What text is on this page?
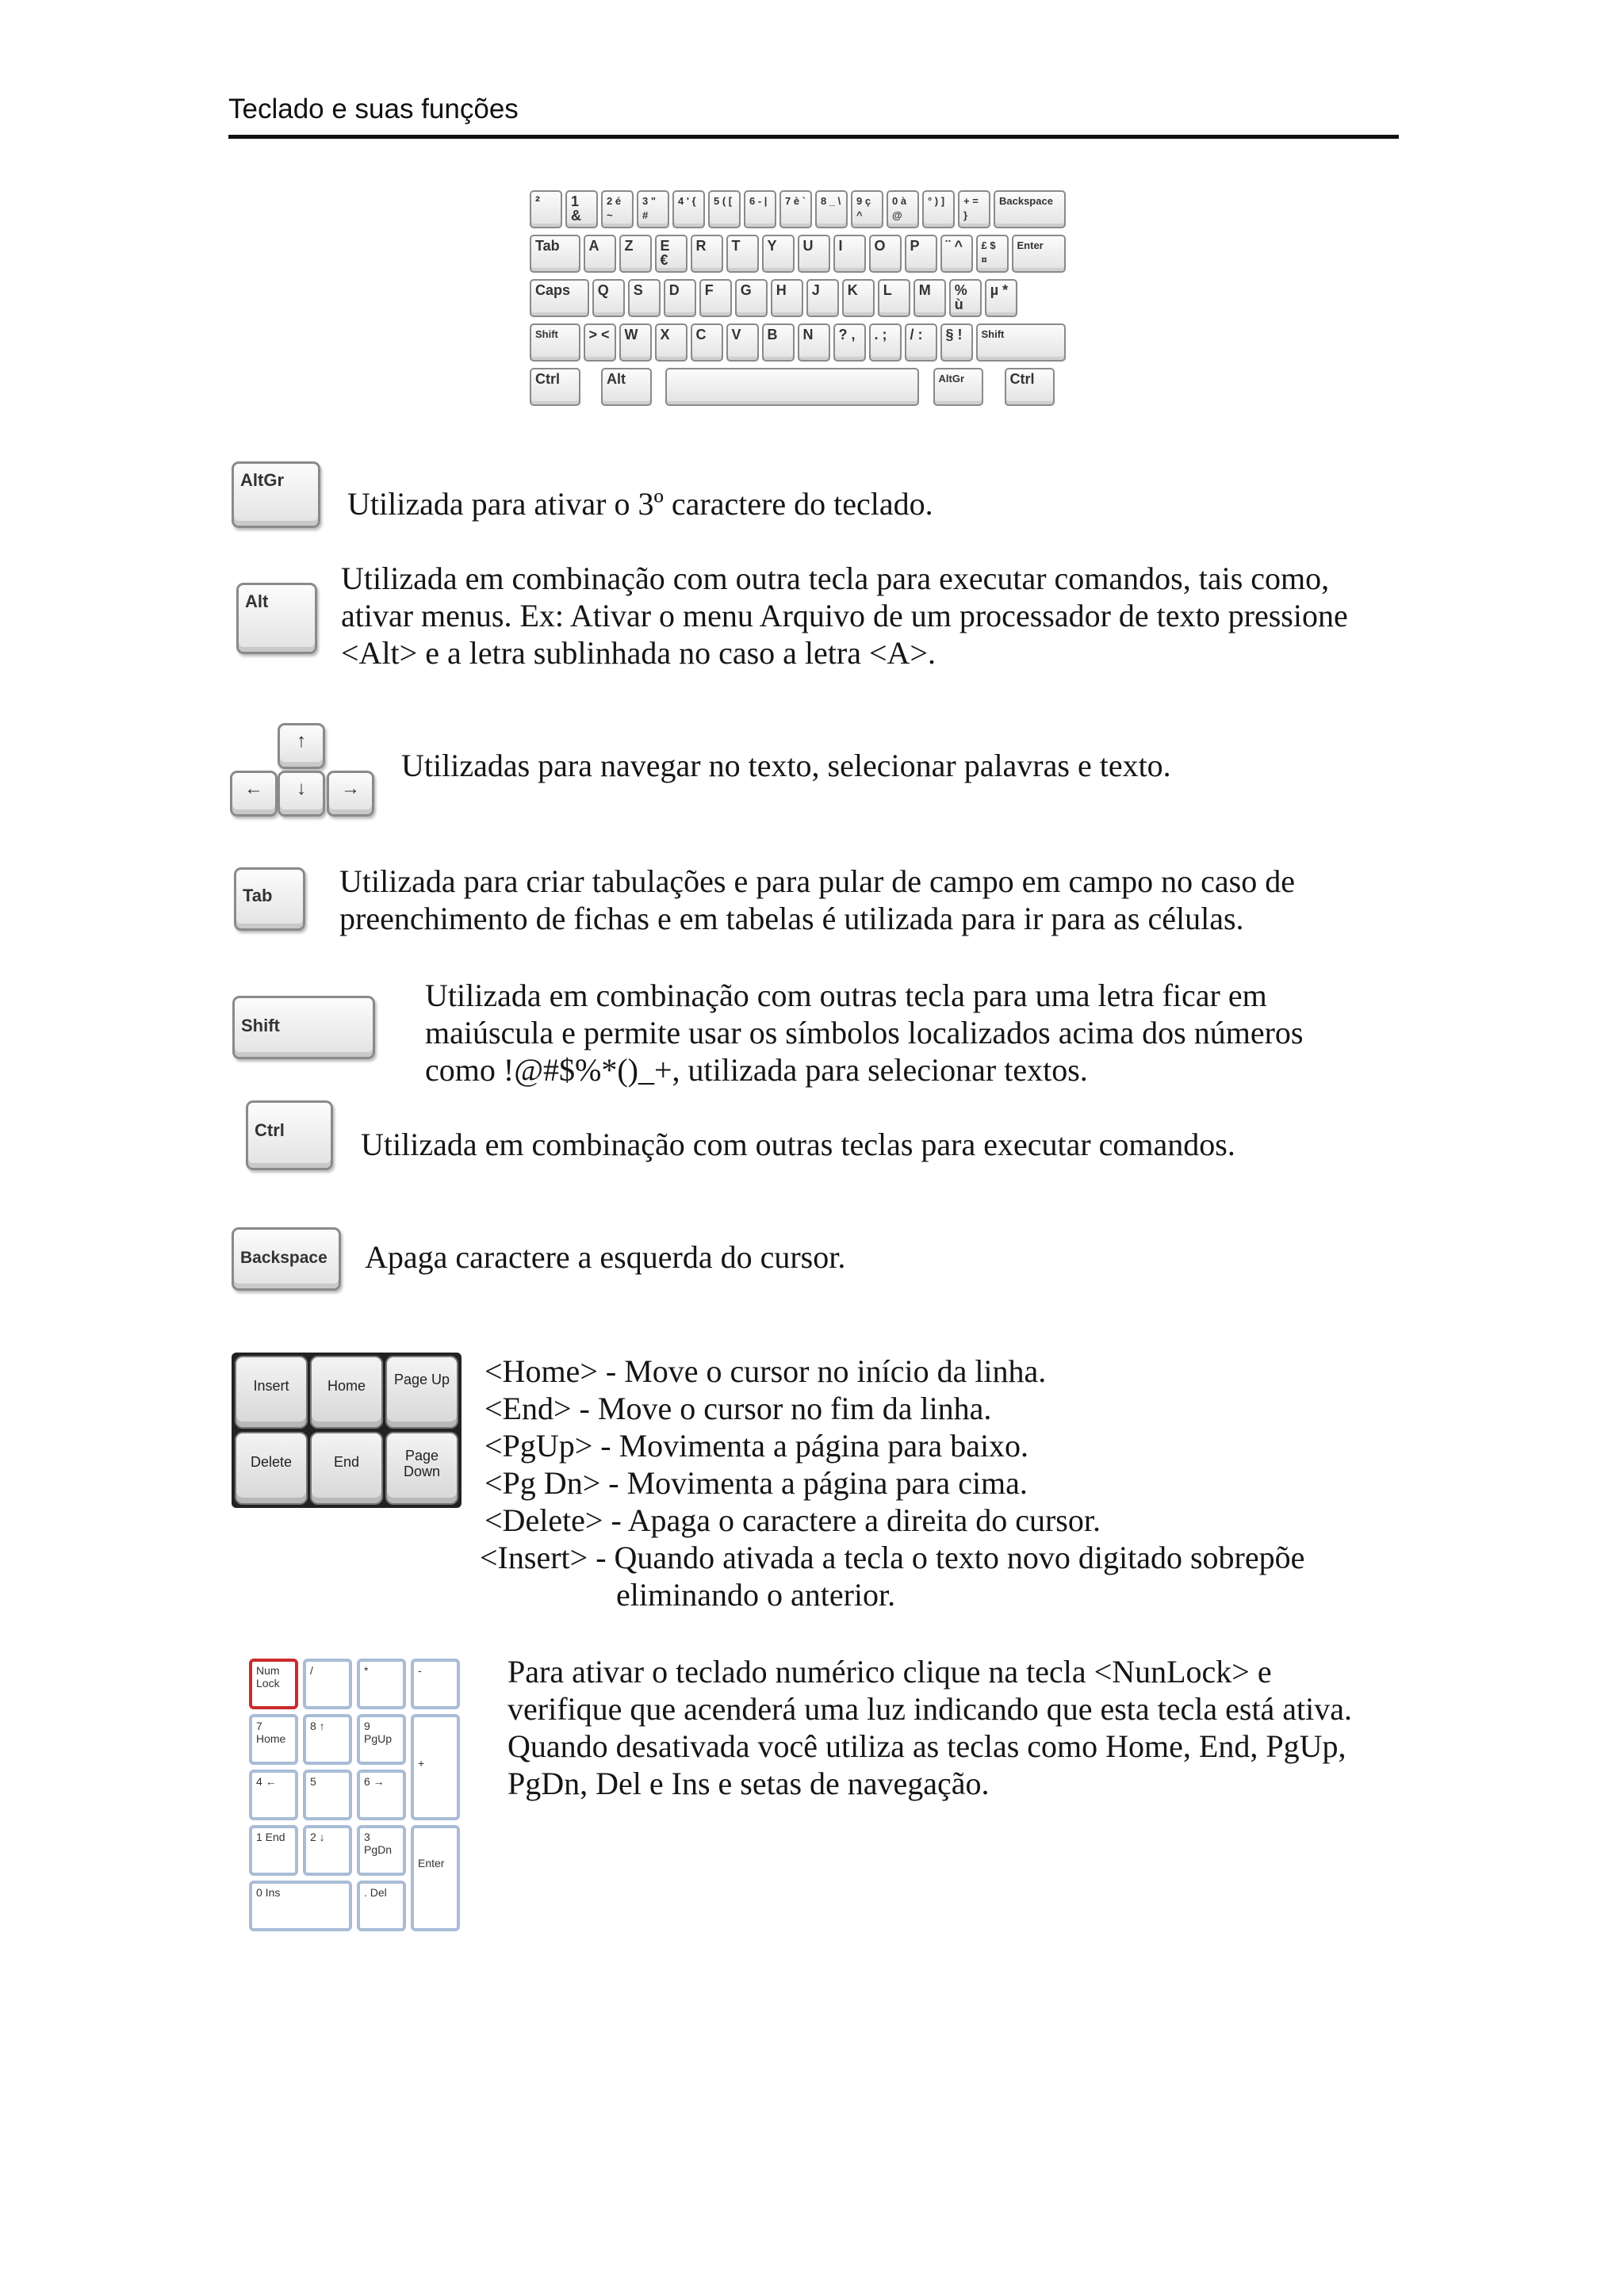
Teclado e suas funções
²	1 &
2 é ~
3 " #
4 ' {	5 ( [	6 - |	7 è `	8 _ \	9 ç ^
0 à @
° ) ]	+ = }
Backspace
Tab	A	Z	E €
R	T	Y	U	I	O	P	¨ ^	£ $ ¤
Enter
Caps	Q	S	D	F	G	H	J	K	L	M	% ù
µ *
Shift	> <	W	X	C	V	B	N	? ,	. ;	/ :	§ !	Shift
Ctrl	Alt	AltGr	Ctrl
AltGr

Utilizada para ativar o 3º caractere do teclado.

Alt

Utilizada em combinação com outra tecla para executar comandos, tais como,

ativar menus. Ex: Ativar o menu Arquivo de um processador de texto pressione

<Alt> e a letra sublinhada no caso a letra <A>.

↑
←	↓	→

Utilizadas para navegar no texto, selecionar palavras e texto.

Tab	Utilizada para criar tabulações e para pular de campo em campo no caso de

preenchimento de fichas e em tabelas é utilizada para ir para as células.

Shift

Utilizada em combinação com outras tecla para uma letra ficar em

maiúscula e permite usar os símbolos localizados acima dos números

como !@#$%*()_+, utilizada para selecionar textos.

Ctrl	Utilizada em combinação com outras teclas para executar comandos.

Backspace	Apaga caractere a esquerda do cursor.

Insert	Home	Page Up
Delete	End	Page Down

<Home> - Move o cursor no início da linha.

<End> - Move o cursor no fim da linha.

<PgUp> - Movimenta a página para baixo.

<Pg Dn> - Movimenta a página para cima.

<Delete> - Apaga o caractere a direita do cursor.

<Insert> - Quando ativada a tecla o texto novo digitado sobrepõe

eliminando o anterior.

Num Lock
/	*	-
7 Home
8 ↑	9 PgUp
+
4 ←	5	6 →
1 End	2 ↓	3 PgDn
Enter
0 Ins	. Del

Para ativar o teclado numérico clique na tecla <NunLock> e

verifique que acenderá uma luz indicando que esta tecla está ativa.

Quando desativada você utiliza as teclas como Home, End, PgUp,

PgDn, Del e Ins e setas de navegação.
